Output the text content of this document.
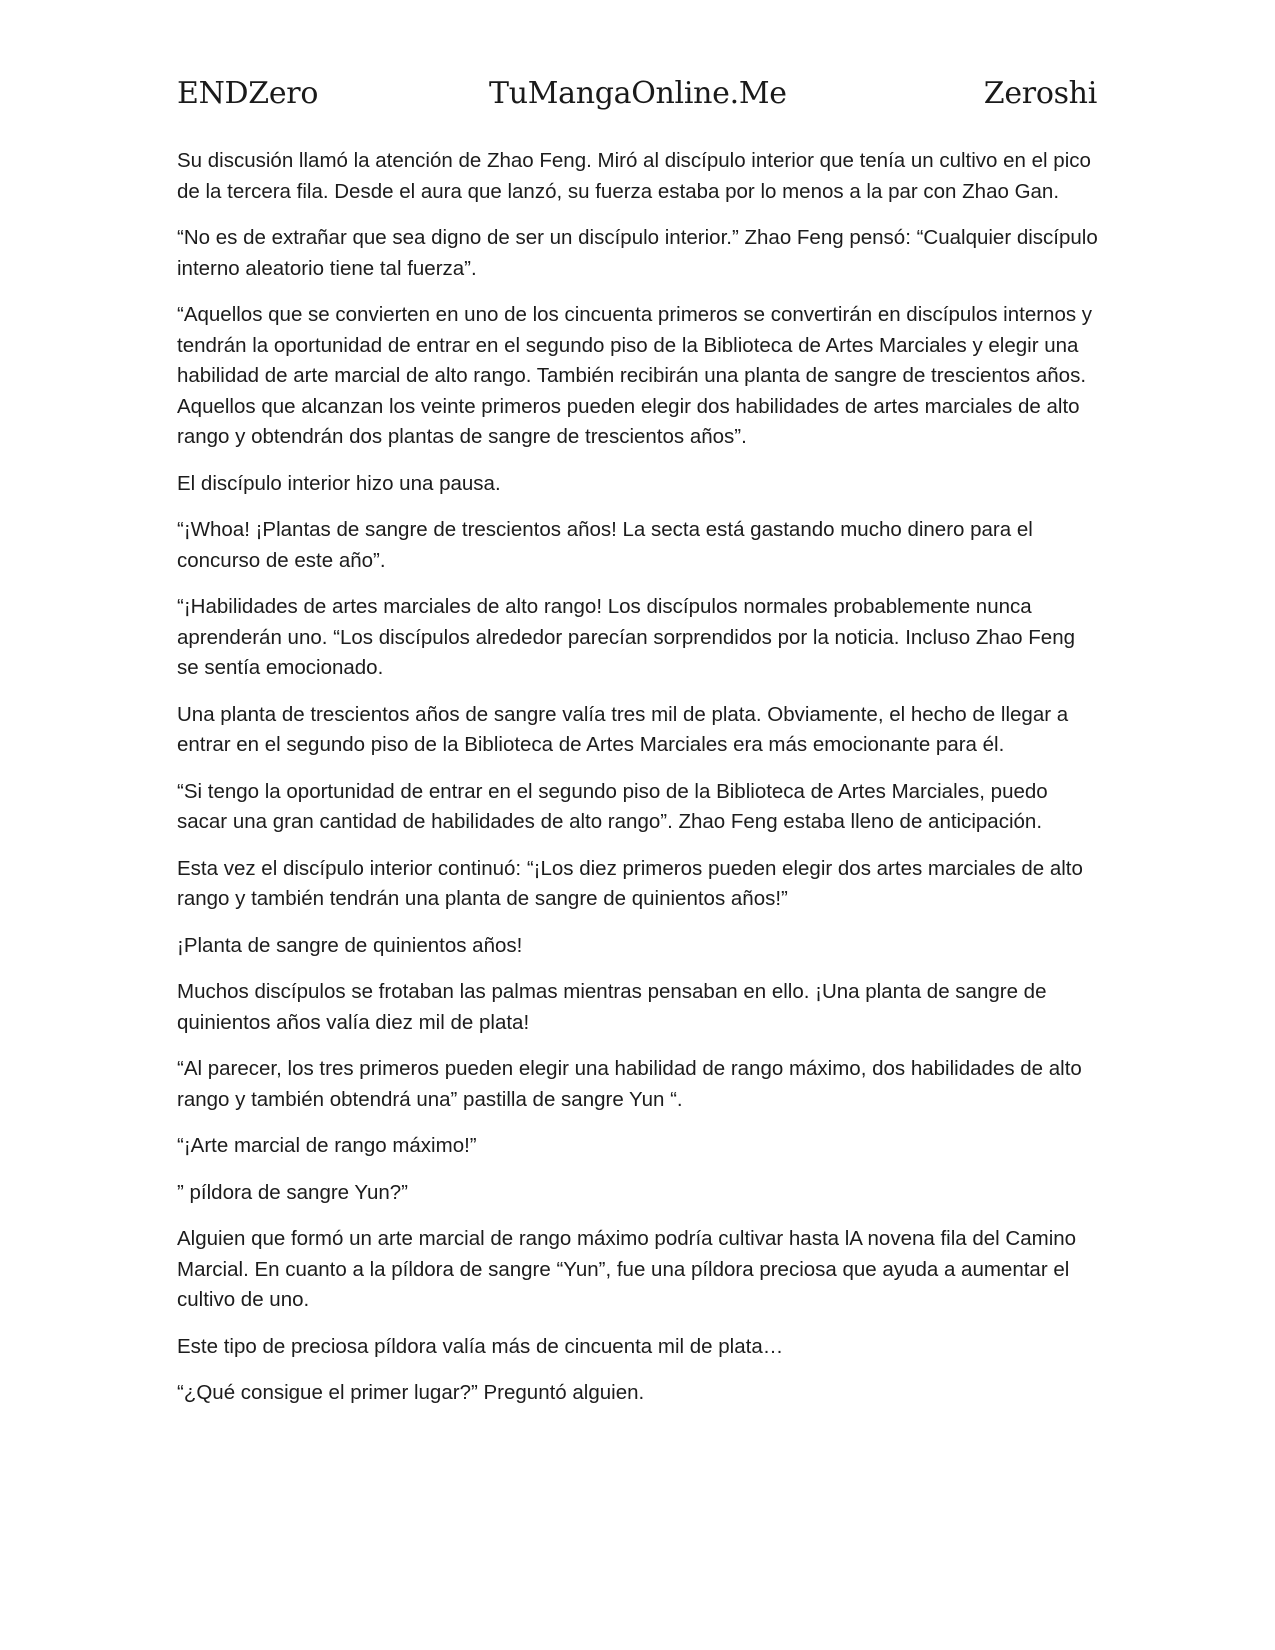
ENDZero	TuMangaOnline.Me	Zeroshi

Su discusión llamó la atención de Zhao Feng. Miró al discípulo interior que tenía un cultivo en el pico de la tercera fila. Desde el aura que lanzó, su fuerza estaba por lo menos a la par con Zhao Gan.

“No es de extrañar que sea digno de ser un discípulo interior.” Zhao Feng pensó: “Cualquier discípulo interno aleatorio tiene tal fuerza”.

“Aquellos que se convierten en uno de los cincuenta primeros se convertirán en discípulos internos y tendrán la oportunidad de entrar en el segundo piso de la Biblioteca de Artes Marciales y elegir una habilidad de arte marcial de alto rango. También recibirán una planta de sangre de trescientos años. Aquellos que alcanzan los veinte primeros pueden elegir dos habilidades de artes marciales de alto rango y obtendrán dos plantas de sangre de trescientos años”.

El discípulo interior hizo una pausa.

“¡Whoa! ¡Plantas de sangre de trescientos años! La secta está gastando mucho dinero para el concurso de este año”.

“¡Habilidades de artes marciales de alto rango! Los discípulos normales probablemente nunca aprenderán uno. “Los discípulos alrededor parecían sorprendidos por la noticia. Incluso Zhao Feng se sentía emocionado.

Una planta de trescientos años de sangre valía tres mil de plata. Obviamente, el hecho de llegar a entrar en el segundo piso de la Biblioteca de Artes Marciales era más emocionante para él.

“Si tengo la oportunidad de entrar en el segundo piso de la Biblioteca de Artes Marciales, puedo sacar una gran cantidad de habilidades de alto rango”. Zhao Feng estaba lleno de anticipación.

Esta vez el discípulo interior continuó: “¡Los diez primeros pueden elegir dos artes marciales de alto rango y también tendrán una planta de sangre de quinientos años!”

¡Planta de sangre de quinientos años!

Muchos discípulos se frotaban las palmas mientras pensaban en ello. ¡Una planta de sangre de quinientos años valía diez mil de plata!

“Al parecer, los tres primeros pueden elegir una habilidad de rango máximo, dos habilidades de alto rango y también obtendrá una” pastilla de sangre Yun “.

“¡Arte marcial de rango máximo!”

” píldora de sangre Yun?”

Alguien que formó un arte marcial de rango máximo podría cultivar hasta lA novena fila del Camino Marcial. En cuanto a la píldora de sangre “Yun”, fue una píldora preciosa que ayuda a aumentar el cultivo de uno.

Este tipo de preciosa píldora valía más de cincuenta mil de plata…

“¿Qué consigue el primer lugar?” Preguntó alguien.
